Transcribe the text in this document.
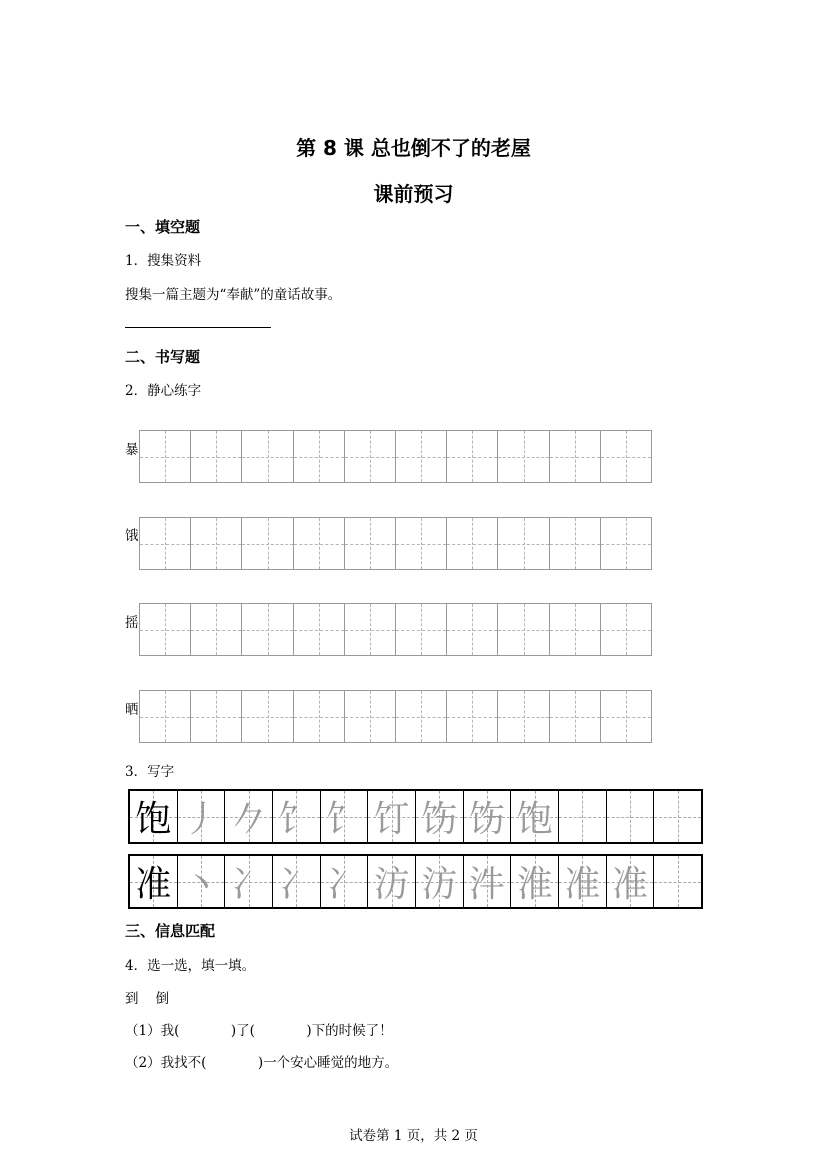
第 8 课 总也倒不了的老屋
课前预习
一、填空题
1．搜集资料
搜集一篇主题为“奉献”的童话故事。
二、书写题
2．静心练字
暴
饿
摇
晒
3．写字
饱 丿 𠂊 饣 饣 饤 饬 饬 饱
准 丶 冫 冫 冫 汸 汸 汼 淮 准 准
三、信息匹配
4．选一选，填一填。
到    倒
（1）我(            )了(            )下的时候了！
（2）我找不(            )一个安心睡觉的地方。
试卷第 1 页，共 2 页
